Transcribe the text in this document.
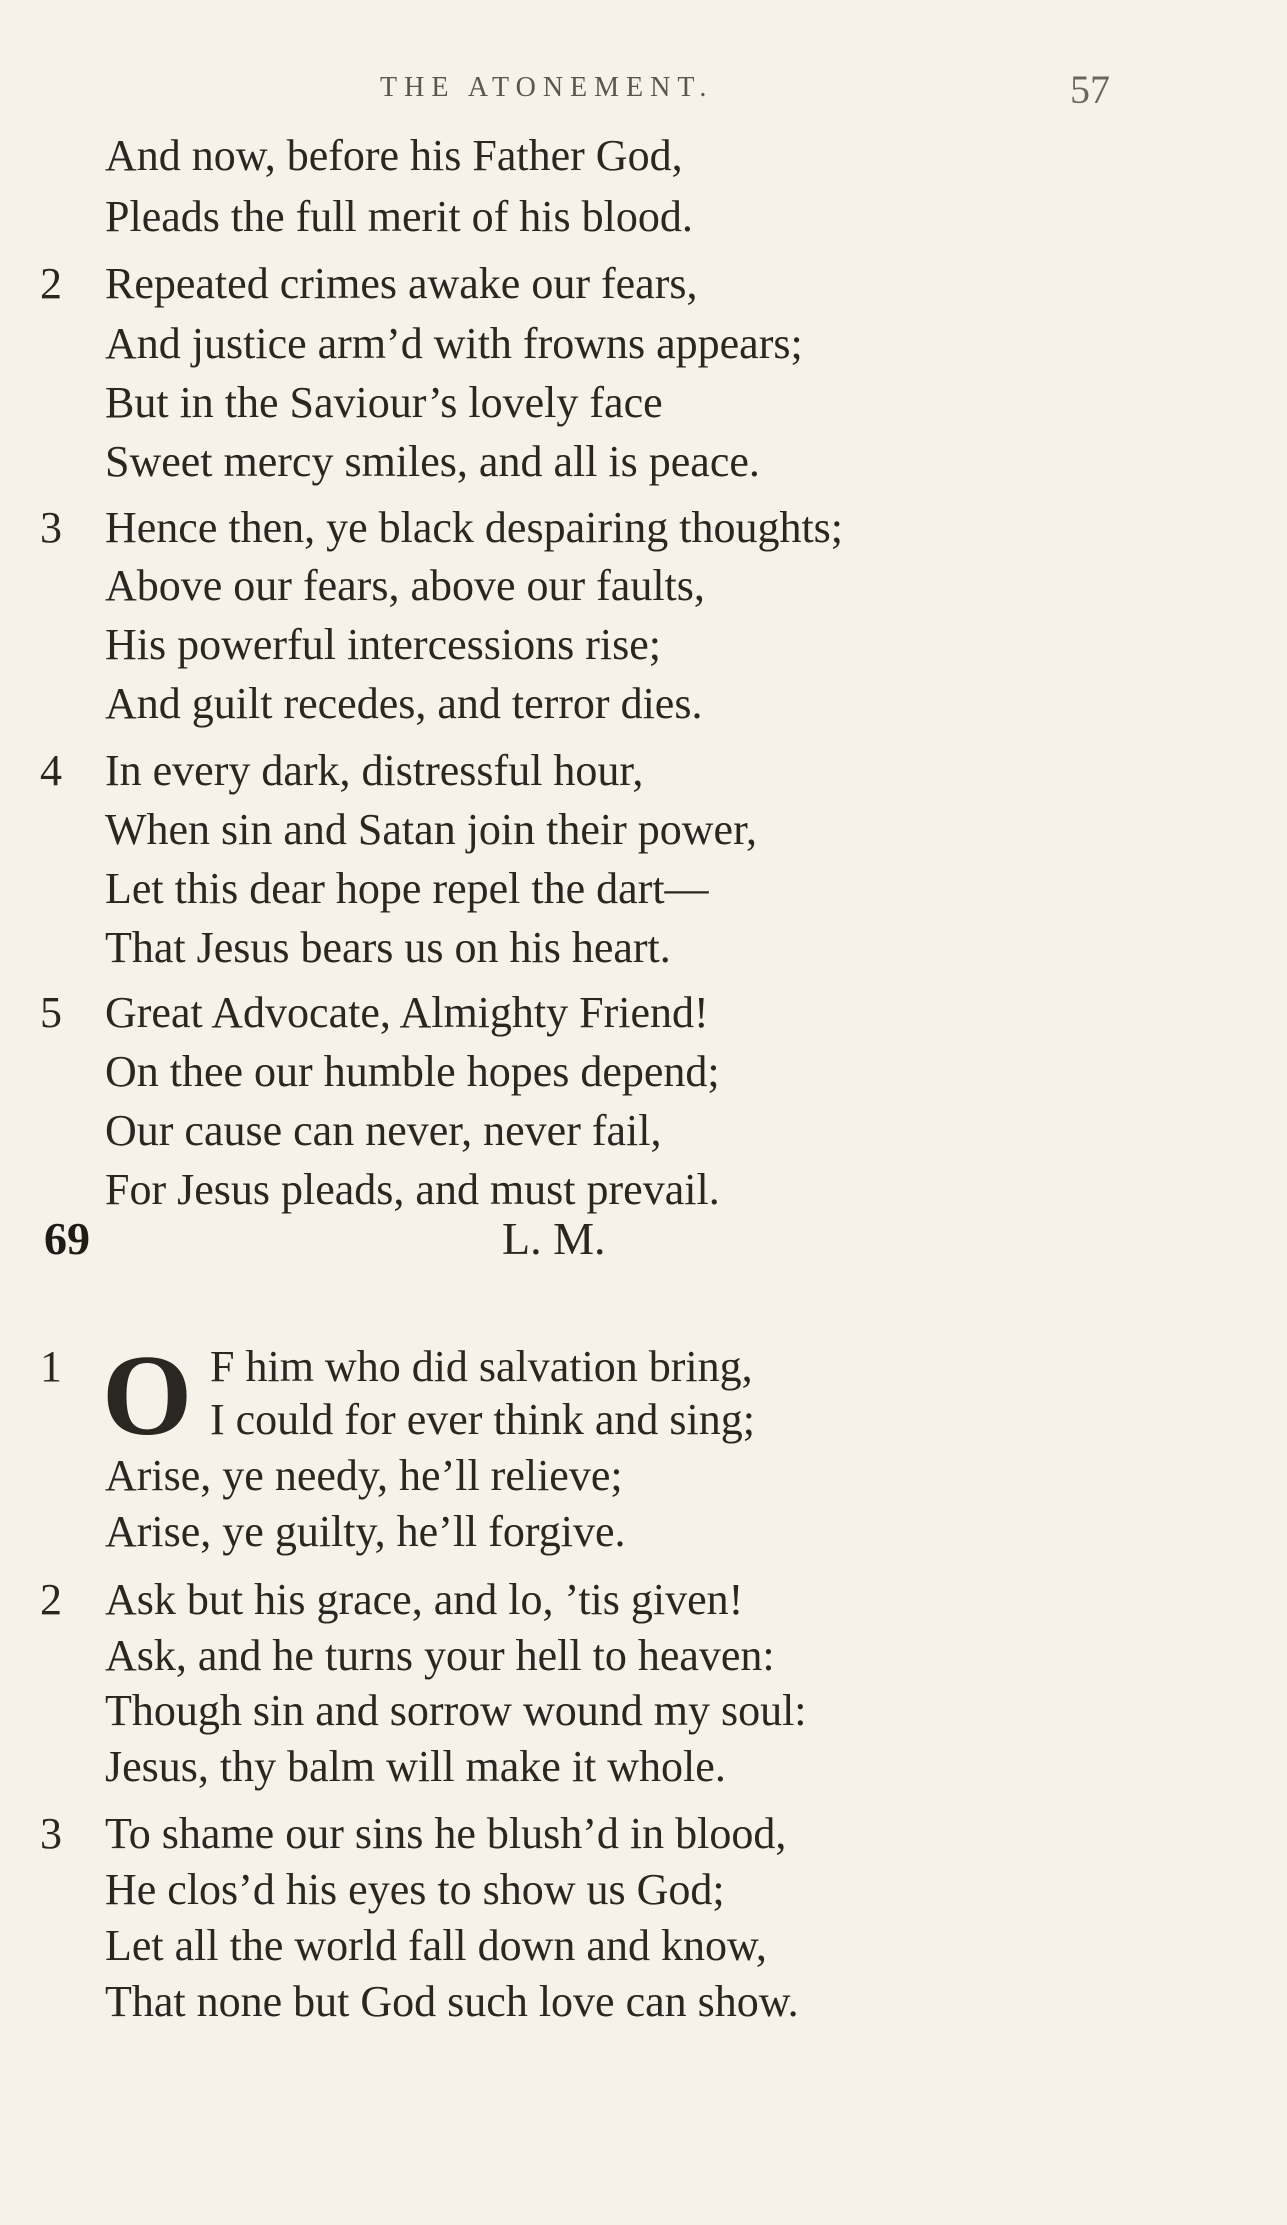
THE ATONEMENT.	57
And now, before his Father God,
Pleads the full merit of his blood.
2 Repeated crimes awake our fears,
And justice arm’d with frowns appears;
But in the Saviour’s lovely face
Sweet mercy smiles, and all is peace.
3 Hence then, ye black despairing thoughts;
Above our fears, above our faults,
His powerful intercessions rise;
And guilt recedes, and terror dies.
4 In every dark, distressful hour,
When sin and Satan join their power,
Let this dear hope repel the dart—
That Jesus bears us on his heart.
5 Great Advocate, Almighty Friend!
On thee our humble hopes depend;
Our cause can never, never fail,
For Jesus pleads, and must prevail.
69	L. M.
O
1	F him who did salvation bring,
I could for ever think and sing;
Arise, ye needy, he’ll relieve;
Arise, ye guilty, he’ll forgive.
2 Ask but his grace, and lo, ’tis given!
Ask, and he turns your hell to heaven:
Though sin and sorrow wound my soul:
Jesus, thy balm will make it whole.
3 To shame our sins he blush’d in blood,
He clos’d his eyes to show us God;
Let all the world fall down and know,
That none but God such love can show.
